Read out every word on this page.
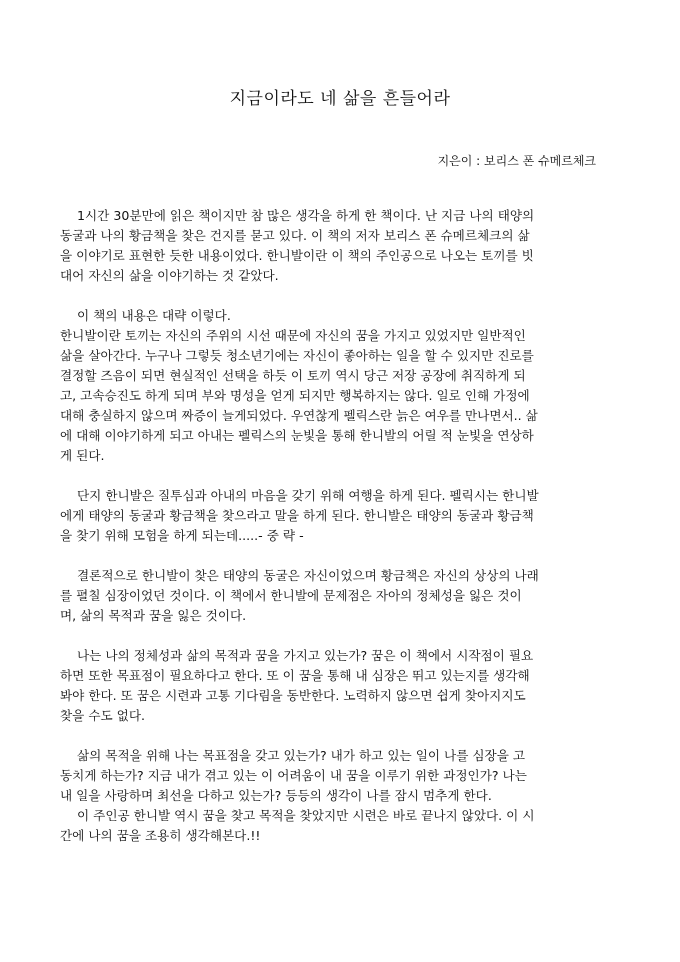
지금이라도 네 삶을 흔들어라

지은이 : 보리스 폰 슈메르체크

1시간 30분만에 읽은 책이지만 참 많은 생각을 하게 한 책이다. 난 지금 나의 태양의
동굴과 나의 황금책을 찾은 건지를 묻고 있다. 이 책의 저자 보리스 폰 슈메르체크의 삶
을 이야기로 표현한 듯한 내용이었다. 한니발이란 이 책의 주인공으로 나오는 토끼를 빗
대어 자신의 삶을 이야기하는 것 같았다.

이 책의 내용은 대략 이렇다.
한니발이란 토끼는 자신의 주위의 시선 때문에 자신의 꿈을 가지고 있었지만 일반적인
삶을 살아간다. 누구나 그렇듯 청소년기에는 자신이 좋아하는 일을 할 수 있지만 진로를
결정할 즈음이 되면 현실적인 선택을 하듯 이 토끼 역시 당근 저장 공장에 취직하게 되
고, 고속승진도 하게 되며 부와 명성을 얻게 되지만 행복하지는 않다. 일로 인해 가정에
대해 충실하지 않으며 짜증이 늘게되었다. 우연찮게 펠릭스란 늙은 여우를 만나면서.. 삶
에 대해 이야기하게 되고 아내는 펠릭스의 눈빛을 통해 한니발의 어릴 적 눈빛을 연상하
게 된다.

단지 한니발은 질투심과 아내의 마음을 갖기 위해 여행을 하게 된다. 펠릭시는 한니발
에게 태양의 동굴과 황금책을 찾으라고 말을 하게 된다. 한니발은 태양의 동굴과 황금책
을 찾기 위해 모험을 하게 되는데.....- 중 략 -

결론적으로 한니발이 찾은 태양의 동굴은 자신이었으며 황금책은 자신의 상상의 나래
를 펼칠 심장이었던 것이다. 이 책에서 한니발에 문제점은 자아의 정체성을 잃은 것이
며, 삶의 목적과 꿈을 잃은 것이다.

나는 나의 정체성과 삶의 목적과 꿈을 가지고 있는가? 꿈은 이 책에서 시작점이 필요
하면 또한 목표점이 필요하다고 한다. 또 이 꿈을 통해 내 심장은 뛰고 있는지를 생각해
봐야 한다. 또 꿈은 시련과 고통 기다림을 동반한다. 노력하지 않으면 쉽게 찾아지지도
찾을 수도 없다.

삶의 목적을 위해 나는 목표점을 갖고 있는가? 내가 하고 있는 일이 나를 심장을 고
동치게 하는가? 지금 내가 겪고 있는 이 어려움이 내 꿈을 이루기 위한 과정인가? 나는
내 일을 사랑하며 최선을 다하고 있는가? 등등의 생각이 나를 잠시 멈추게 한다.

이 주인공 한니발 역시 꿈을 찾고 목적을 찾았지만 시련은 바로 끝나지 않았다. 이 시
간에 나의 꿈을 조용히 생각해본다.!!
